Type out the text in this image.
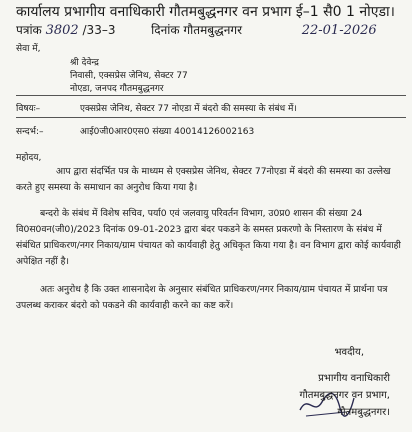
कार्यालय प्रभागीय वनाधिकारी गौतमबुद्धनगर वन प्रभाग ई–1 सै0 1 नोएडा।
पत्रांक 3802 /33–3	दिनांक गौतमबुद्धनगर	22-01-2026
सेवा में,
श्री देवेन्द्र
निवासी, एक्सप्रेस जेनिथ, सेक्टर 77
नोएडा, जनपद गौतमबुद्धनगर
विषयः–	एक्सप्रेस जेनिथ, सेक्टर 77 नोएडा में बंदरो की समस्या के संबंध में।
सन्दर्भ:–	आई0जी0आर0एस0 संख्या 40014126002163
महोदय,
आप द्वारा संदर्भित पत्र के माध्यम से एक्सप्रेस जेनिथ, सेक्टर 77नोएडा में बंदरो की समस्या का उल्लेख करते हुए समस्या के समाधान का अनुरोध किया गया है।
बन्दरो के संबंध में विशेष सचिव, पर्या0 एवं जलवायु परिवर्तन विभाग, उ0प्र0 शासन की संख्या 24 वि0स0वन(जी0)/2023 दिनांक 09-01-2023 द्वारा बंदर पकडने के समस्त प्रकरणो के निस्तारण के संबंध में संबंधित प्राधिकरण/नगर निकाय/ग्राम पंचायत को कार्यवाही हेतु अधिकृत किया गया है। वन विभाग द्वारा कोई कार्यवाही अपेक्षित नहीं है।
अतः अनुरोध है कि उक्त शासनादेश के अनुसार संबंधित प्राधिकरण/नगर निकाय/ग्राम पंचायत में प्रार्थना पत्र उपलब्ध कराकर बंदरो को पकडने की कार्यवाही करने का कष्ट करें।
भवदीय,
प्रभागीय वनाधिकारी
गौतमबुद्धनगर वन प्रभाग,
गौतमबुद्धनगर।
